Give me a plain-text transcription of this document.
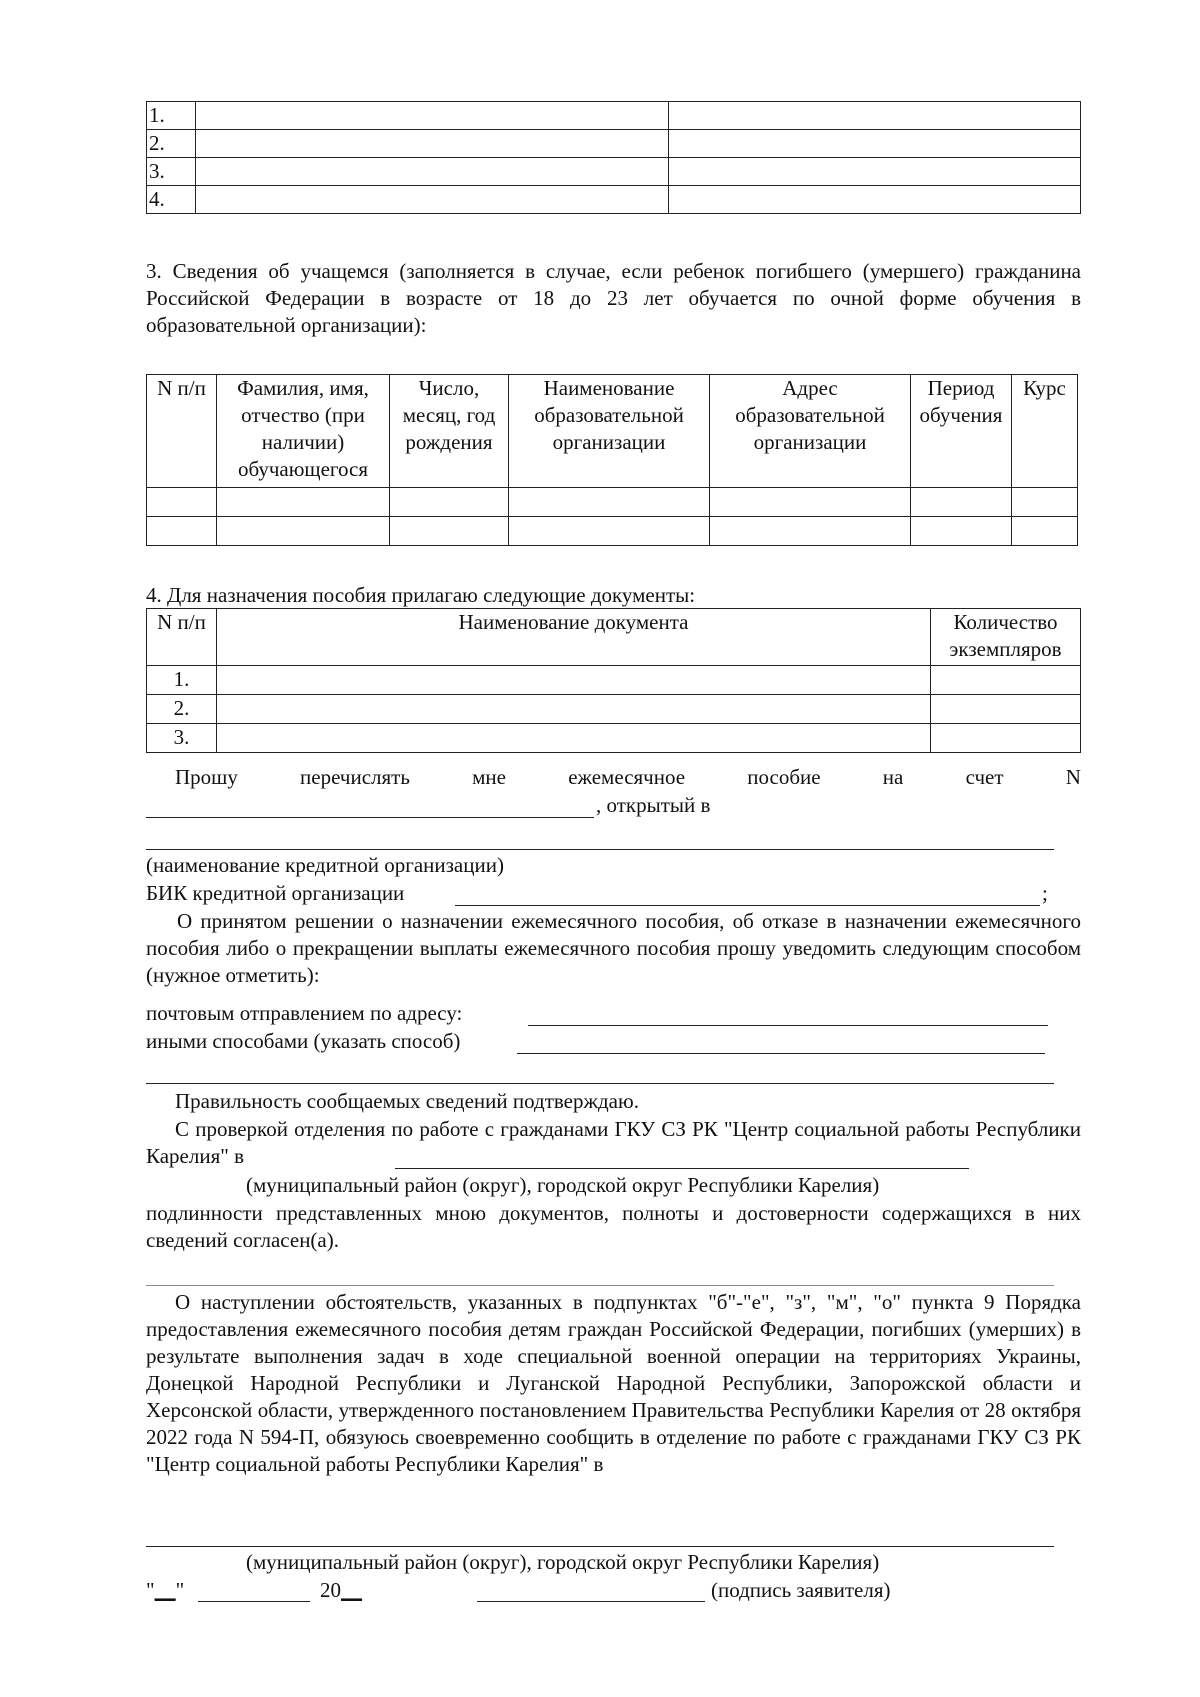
1.		
2.		
3.		
4.		
3. Сведения об учащемся (заполняется в случае, если ребенок погибшего (умершего) гражданина Российской Федерации в возрасте от 18 до 23 лет обучается по очной форме обучения в образовательной организации):
N п/п	Фамилия, имя, отчество (при наличии) обучающегося	Число, месяц, год рождения	Наименование образовательной организации	Адрес образовательной организации	Период обучения	Курс

4. Для назначения пособия прилагаю следующие документы:
N п/п	Наименование документа	Количество экземпляров
1.		
2.		
3.		
Прошу	перечислять	мне	ежемесячное	пособие	на	счет	N
, открытый в
(наименование кредитной организации)
БИК кредитной организации	;
О принятом решении о назначении ежемесячного пособия, об отказе в назначении ежемесячного пособия либо о прекращении выплаты ежемесячного пособия прошу уведомить следующим способом (нужное отметить):
почтовым отправлением по адресу:
иными способами (указать способ)
Правильность сообщаемых сведений подтверждаю.
С проверкой отделения по работе с гражданами ГКУ СЗ РК "Центр социальной работы Республики Карелия" в
(муниципальный район (округ), городской округ Республики Карелия)
подлинности представленных мною документов, полноты и достоверности содержащихся в них сведений согласен(а).
О наступлении обстоятельств, указанных в подпунктах "б"-"е", "з", "м", "о" пункта 9 Порядка предоставления ежемесячного пособия детям граждан Российской Федерации, погибших (умерших) в результате выполнения задач в ходе специальной военной операции на территориях Украины, Донецкой Народной Республики и Луганской Народной Республики, Запорожской области и Херсонской области, утвержденного постановлением Правительства Республики Карелия от 28 октября 2022 года N 594-П, обязуюсь своевременно сообщить в отделение по работе с гражданами ГКУ СЗ РК "Центр социальной работы Республики Карелия" в
(муниципальный район (округ), городской округ Республики Карелия)
"__"	20__	(подпись заявителя)
